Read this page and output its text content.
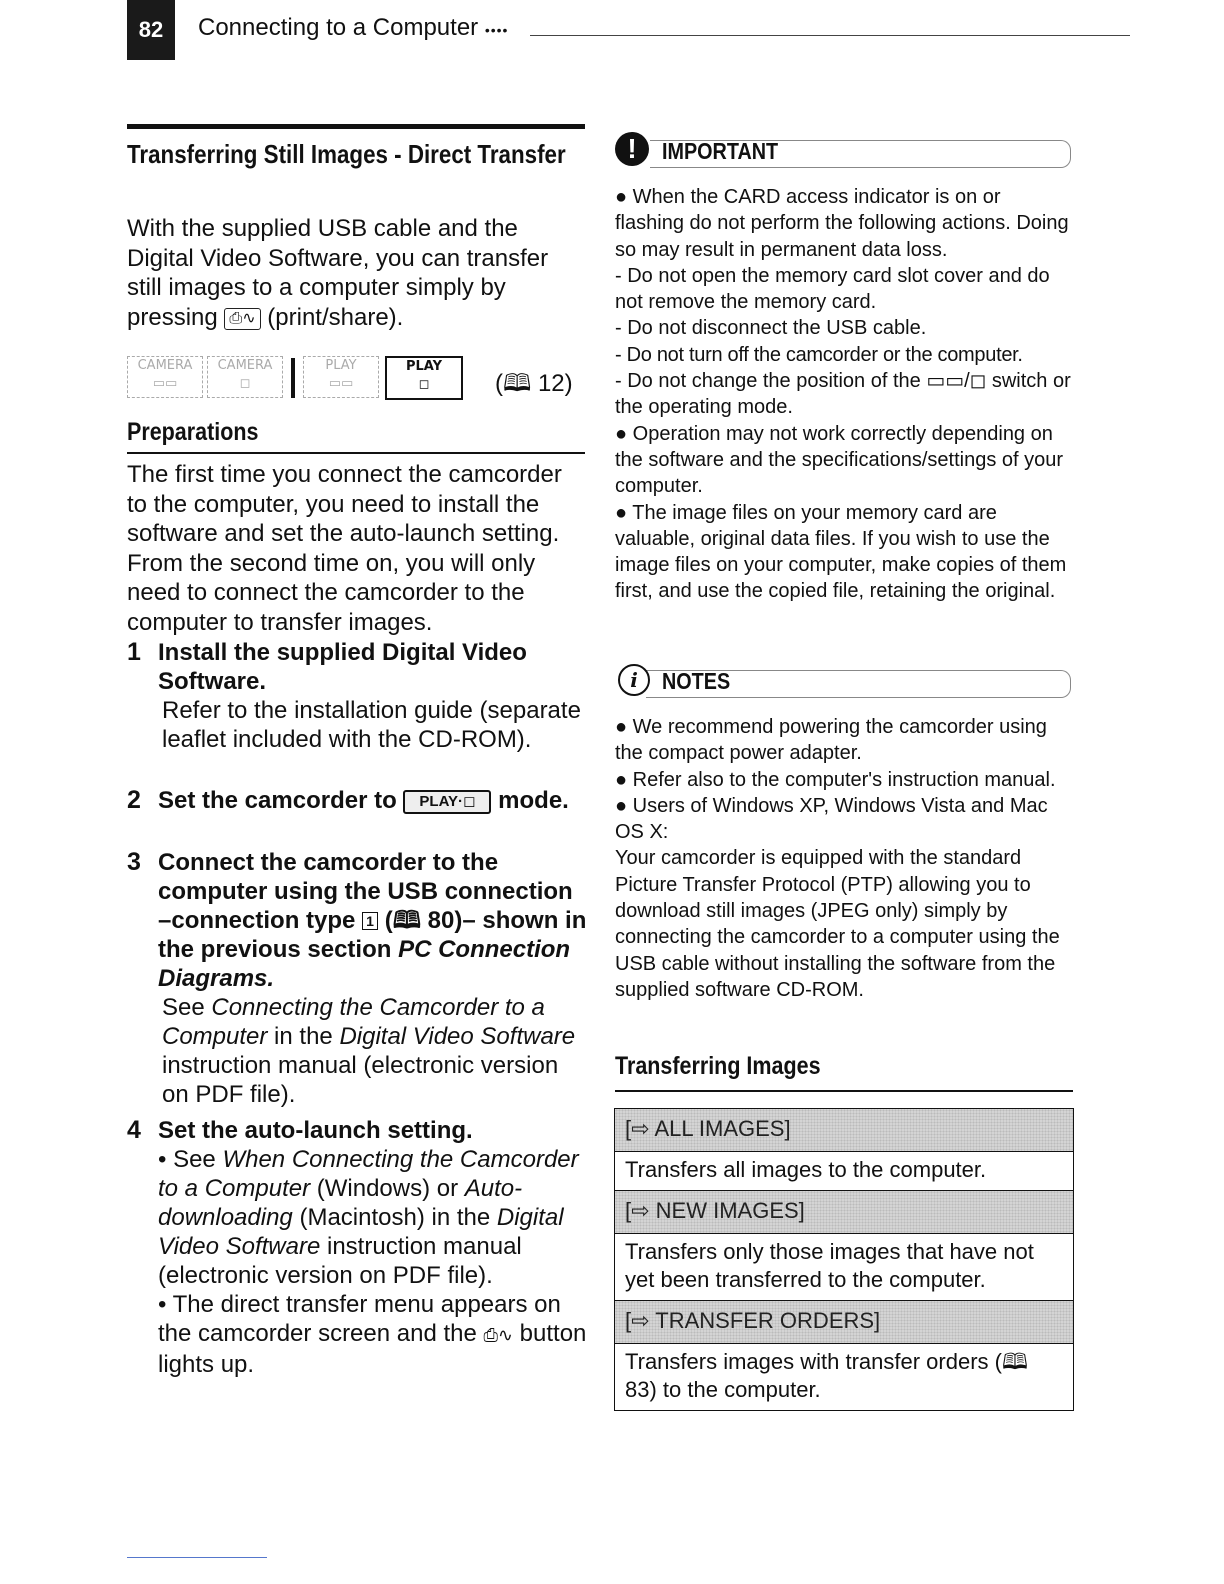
82	Connecting to a Computer ••••
Transferring Still Images - Direct Transfer
With the supplied USB cable and the Digital Video Software, you can transfer still images to a computer simply by pressing ⎙∿ (print/share).
CAMERA
▭▭
CAMERA
◻
PLAY
▭▭
PLAY
◻	(🕮 12)
Preparations
The first time you connect the camcorder to the computer, you need to install the software and set the auto-launch setting. From the second time on, you will only need to connect the camcorder to the computer to transfer images.
1 Install the supplied Digital Video Software.
Refer to the installation guide (separate leaflet included with the CD-ROM).
2 Set the camcorder to PLAY·◻ mode.
3 Connect the camcorder to the computer using the USB connection –connection type 1 (🕮 80)– shown in the previous section PC Connection Diagrams.
See Connecting the Camcorder to a Computer in the Digital Video Software instruction manual (electronic version on PDF file).
4 Set the auto-launch setting.
• See When Connecting the Camcorder to a Computer (Windows) or Auto-downloading (Macintosh) in the Digital Video Software instruction manual (electronic version on PDF file).
• The direct transfer menu appears on the camcorder screen and the ⎙∿ button lights up.
!	IMPORTANT

● When the CARD access indicator is on or flashing do not perform the following actions. Doing so may result in permanent data loss.

- Do not open the memory card slot cover and do not remove the memory card.

- Do not disconnect the USB cable.

- Do not turn off the camcorder or the computer.

- Do not change the position of the ▭▭/◻ switch or the operating mode.

● Operation may not work correctly depending on the software and the specifications/settings of your computer.

● The image files on your memory card are valuable, original data files. If you wish to use the image files on your computer, make copies of them first, and use the copied file, retaining the original.

i	NOTES

● We recommend powering the camcorder using the compact power adapter.

● Refer also to the computer's instruction manual.

● Users of Windows XP, Windows Vista and Mac OS X:

Your camcorder is equipped with the standard Picture Transfer Protocol (PTP) allowing you to download still images (JPEG only) simply by connecting the camcorder to a computer using the USB cable without installing the software from the supplied software CD-ROM.

Transferring Images
[⇨ ALL IMAGES]
Transfers all images to the computer.
[⇨ NEW IMAGES]
Transfers only those images that have not yet been transferred to the computer.
[⇨ TRANSFER ORDERS]
Transfers images with transfer orders (🕮 83) to the computer.
